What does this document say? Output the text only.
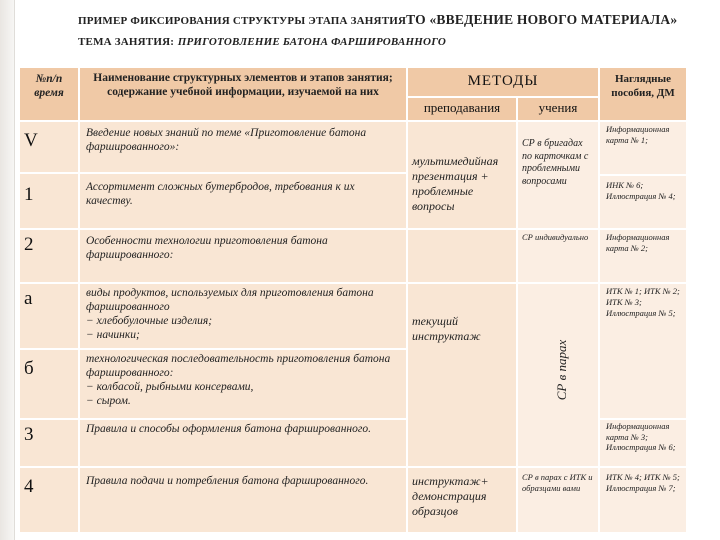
ПРИМЕР ФИКСИРОВАНИЯ СТРУКТУРЫ ЭТАПА ЗАНЯТИЯТО «ВВЕДЕНИЕ НОВОГО МАТЕРИАЛА» ТЕМА ЗАНЯТИЯ: ПРИГОТОВЛЕНИЕ БАТОНА ФАРШИРОВАННОГО
№п/п время
Наименование структурных элементов и этапов занятия; содержание учебной информации, изучаемой на них
МЕТОДЫ
преподавания	учения
Наглядные пособия, ДМ
V
1
2
а
б
3
4
Введение новых знаний по теме «Приготовление батона фаршированного»:
Ассортимент сложных бутербродов, требования к их качеству.
Особенности технологии приготовления батона фаршированного:
виды продуктов, используемых для приготовления батона фаршированного
− хлебобулочные изделия;
− начинки;
технологическая последовательность приготовления батона фаршированного:
− колбасой, рыбными консервами,
− сыром.
Правила и способы оформления батона фаршированного.
Правила подачи и потребления батона фаршированного.
мультимедийная презентация + проблемные вопросы
текущий инструктаж
инструктаж+ демонстрация образцов
СР в бригадах по карточкам с проблемными вопросами
СР индивидуально
СР в парах
СР в парах с ИТК и образцами вами
Информационная карта № 1;
ИНК № 6; Иллюстрация № 4;
Информационная карта № 2;
ИТК № 1; ИТК № 2; ИТК № 3; Иллюстрация № 5;
Информационная карта № 3; Иллюстрация № 6;
ИТК № 4; ИТК № 5; Иллюстрация № 7;
